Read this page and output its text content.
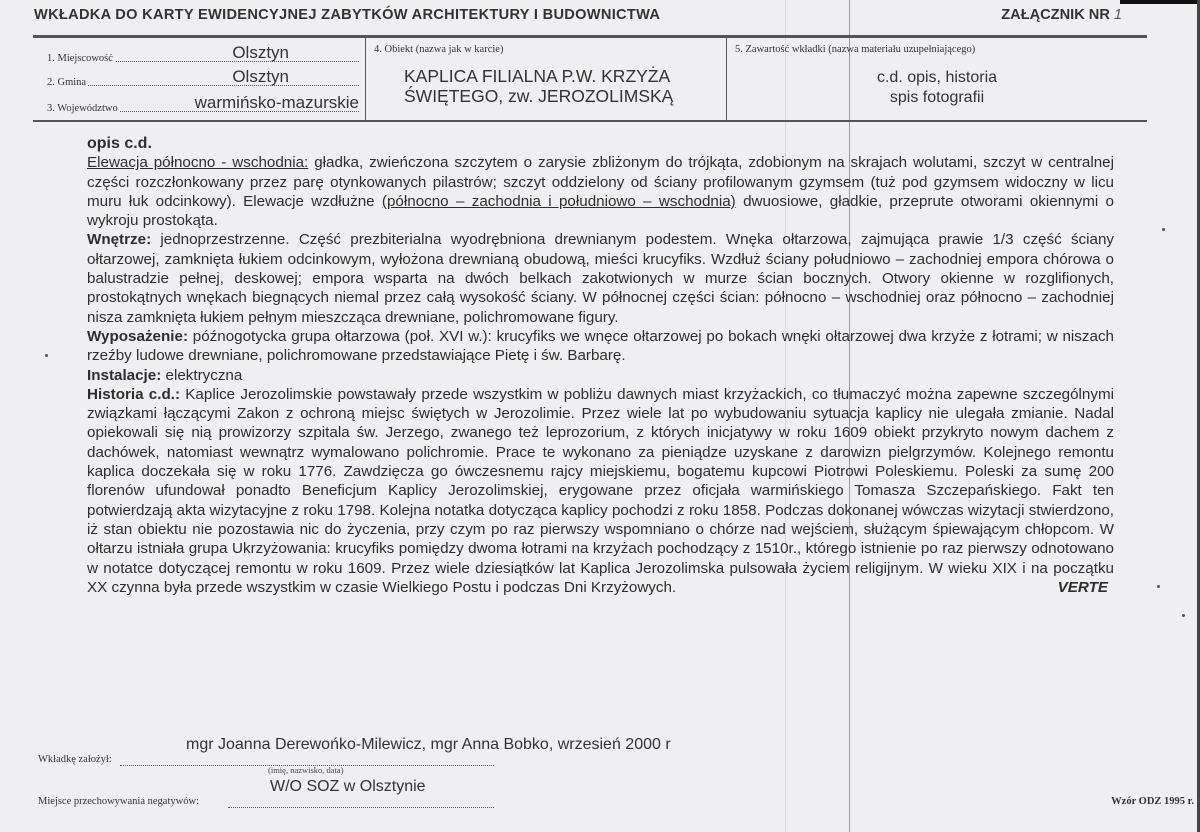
WKŁADKA DO KARTY EWIDENCYJNEJ ZABYTKÓW ARCHITEKTURY I BUDOWNICTWA	ZAŁĄCZNIK NR 1
1. Miejscowość	Olsztyn
2. Gmina	Olsztyn
3. Województwo	warmińsko-mazurskie
4. Obiekt (nazwa jak w karcie)
KAPLICA FILIALNA P.W. KRZYŻA
ŚWIĘTEGO, zw. JEROZOLIMSKĄ
5. Zawartość wkładki (nazwa materiału uzupełniającego)
c.d. opis, historia
spis fotografii

opis c.d.

Elewacja północno - wschodnia: gładka, zwieńczona szczytem o zarysie zbliżonym do trójkąta, zdobionym na skrajach wolutami, szczyt w centralnej części rozczłonkowany przez parę otynkowanych pilastrów; szczyt oddzielony od ściany profilowanym gzymsem (tuż pod gzymsem widoczny w licu muru łuk odcinkowy). Elewacje wzdłużne (północno – zachodnia i południowo – wschodnia) dwuosiowe, gładkie, przeprute otworami okiennymi o wykroju prostokąta.

Wnętrze: jednoprzestrzenne. Część prezbiterialna wyodrębniona drewnianym podestem. Wnęka ołtarzowa, zajmująca prawie 1/3 część ściany ołtarzowej, zamknięta łukiem odcinkowym, wyłożona drewnianą obudową, mieści krucyfiks. Wzdłuż ściany południowo – zachodniej empora chórowa o balustradzie pełnej, deskowej; empora wsparta na dwóch belkach zakotwionych w murze ścian bocznych. Otwory okienne w rozglifionych, prostokątnych wnękach biegnących niemal przez całą wysokość ściany. W północnej części ścian: północno – wschodniej oraz północno – zachodniej nisza zamknięta łukiem pełnym mieszcząca drewniane, polichromowane figury.

Wyposażenie: późnogotycka grupa ołtarzowa (poł. XVI w.): krucyfiks we wnęce ołtarzowej po bokach wnęki ołtarzowej dwa krzyże z łotrami; w niszach rzeźby ludowe drewniane, polichromowane przedstawiające Pietę i św. Barbarę.

Instalacje: elektryczna

Historia c.d.: Kaplice Jerozolimskie powstawały przede wszystkim w pobliżu dawnych miast krzyżackich, co tłumaczyć można zapewne szczególnymi związkami łączącymi Zakon z ochroną miejsc świętych w Jerozolimie. Przez wiele lat po wybudowaniu sytuacja kaplicy nie ulegała zmianie. Nadal opiekowali się nią prowizorzy szpitala św. Jerzego, zwanego też leprozorium, z których inicjatywy w roku 1609 obiekt przykryto nowym dachem z dachówek, natomiast wewnątrz wymalowano polichromie. Prace te wykonano za pieniądze uzyskane z darowizn pielgrzymów. Kolejnego remontu kaplica doczekała się w roku 1776. Zawdzięcza go ówczesnemu rajcy miejskiemu, bogatemu kupcowi Piotrowi Poleskiemu. Poleski za sumę 200 florenów ufundował ponadto Beneficjum Kaplicy Jerozolimskiej, erygowane przez oficjała warmińskiego Tomasza Szczepańskiego. Fakt ten potwierdzają akta wizytacyjne z roku 1798. Kolejna notatka dotycząca kaplicy pochodzi z roku 1858. Podczas dokonanej wówczas wizytacji stwierdzono, iż stan obiektu nie pozostawia nic do życzenia, przy czym po raz pierwszy wspomniano o chórze nad wejściem, służącym śpiewającym chłopcom. W ołtarzu istniała grupa Ukrzyżowania: krucyfiks pomiędzy dwoma łotrami na krzyżach pochodzący z 1510r., którego istnienie po raz pierwszy odnotowano w notatce dotyczącej remontu w roku 1609. Przez wiele dziesiątków lat Kaplica Jerozolimska pulsowała życiem religijnym. W wieku XIX i na początku XX czynna była przede wszystkim w czasie Wielkiego Postu i podczas Dni Krzyżowych.	VERTE

Wkładkę założył:
mgr Joanna Derewońko-Milewicz, mgr Anna Bobko, wrzesień 2000 r
(imię, nazwisko, data)
Miejsce przechowywania negatywów:
W/O SOZ w Olsztynie
Wzór ODZ 1995 r.
